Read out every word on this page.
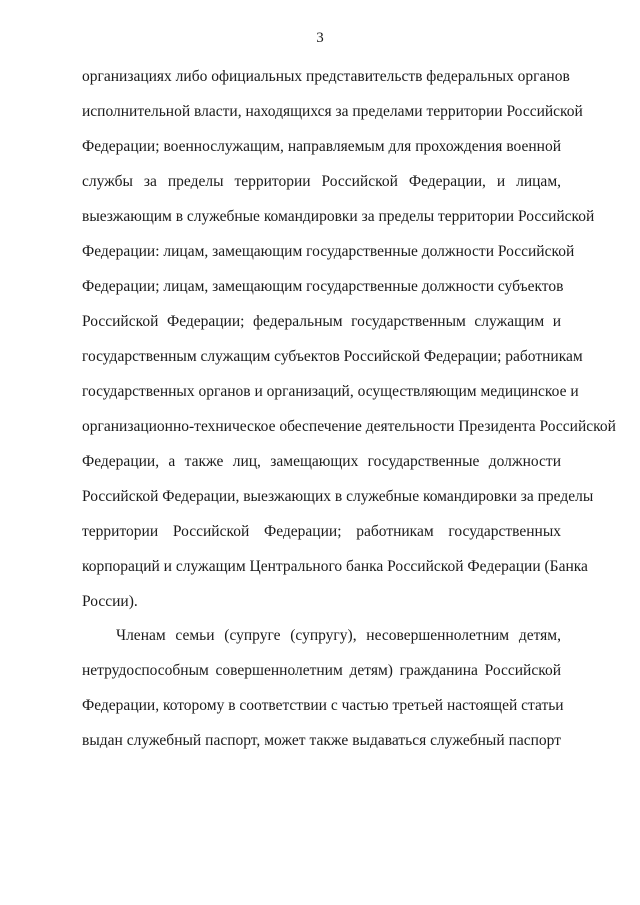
3
организациях либо официальных представительств федеральных органов
исполнительной власти, находящихся за пределами территории Российской
Федерации; военнослужащим, направляемым для прохождения военной
службы за пределы территории Российской Федерации, и лицам,
выезжающим в служебные командировки за пределы территории Российской
Федерации: лицам, замещающим государственные должности Российской
Федерации; лицам, замещающим государственные должности субъектов
Российской Федерации; федеральным государственным служащим и
государственным служащим субъектов Российской Федерации; работникам
государственных органов и организаций, осуществляющим медицинское и
организационно-техническое обеспечение деятельности Президента Российской
Федерации, а также лиц, замещающих государственные должности
Российской Федерации, выезжающих в служебные командировки за пределы
территории Российской Федерации; работникам государственных
корпораций и служащим Центрального банка Российской Федерации (Банка
России).
Членам семьи (супруге (супругу), несовершеннолетним детям,
нетрудоспособным совершеннолетним детям) гражданина Российской
Федерации, которому в соответствии с частью третьей настоящей статьи
выдан служебный паспорт, может также выдаваться служебный паспорт
